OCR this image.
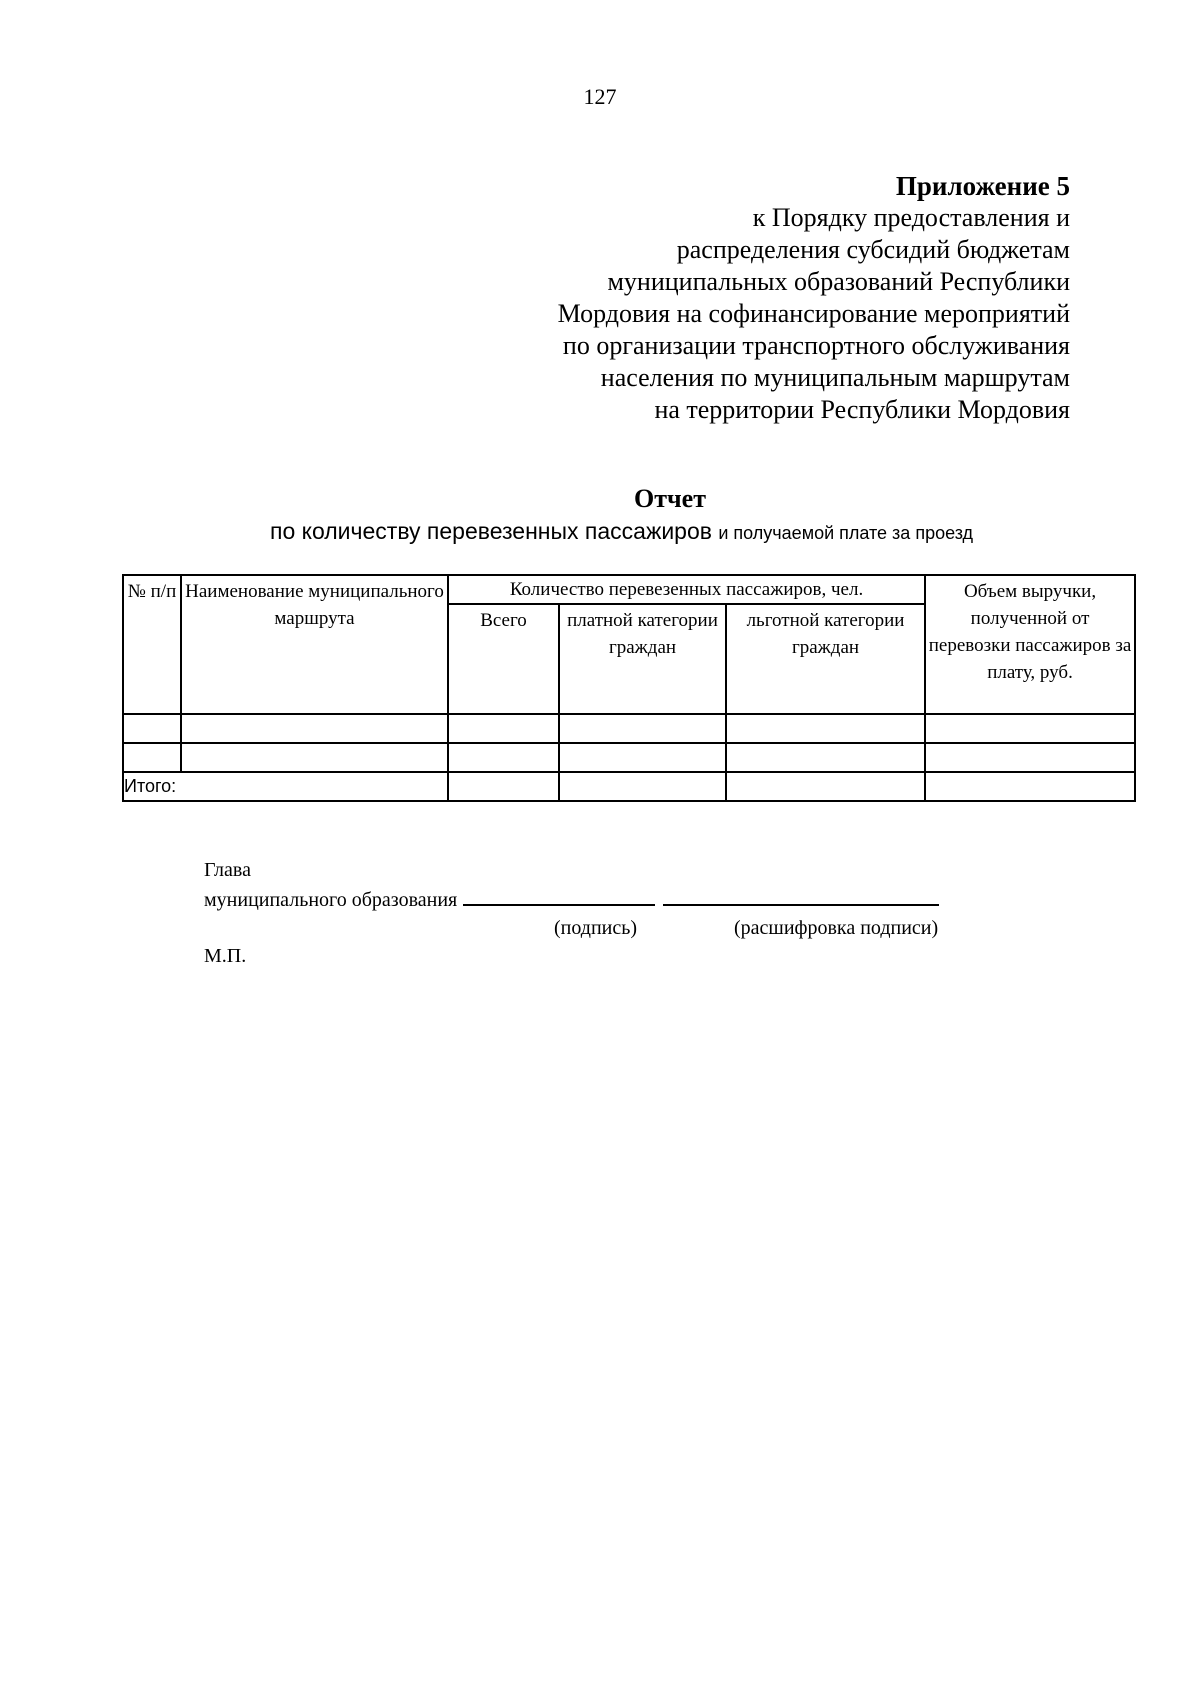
127
Приложение 5
к Порядку предоставления и
распределения субсидий бюджетам
муниципальных образований Республики
Мордовия на софинансирование мероприятий
по организации транспортного обслуживания
населения по муниципальным маршрутам
на территории Республики Мордовия
Отчет
по количеству перевезенных пассажиров и получаемой плате за проезд
№ п/п	Наименование муниципального маршрута	Количество перевезенных пассажиров, чел.			Объем выручки, полученной от перевозки пассажиров за плату, руб.
		Всего	платной категории граждан	льготной категории граждан	

Итого:					
Глава
муниципального образования
(подпись)	(расшифровка подписи)
М.П.
